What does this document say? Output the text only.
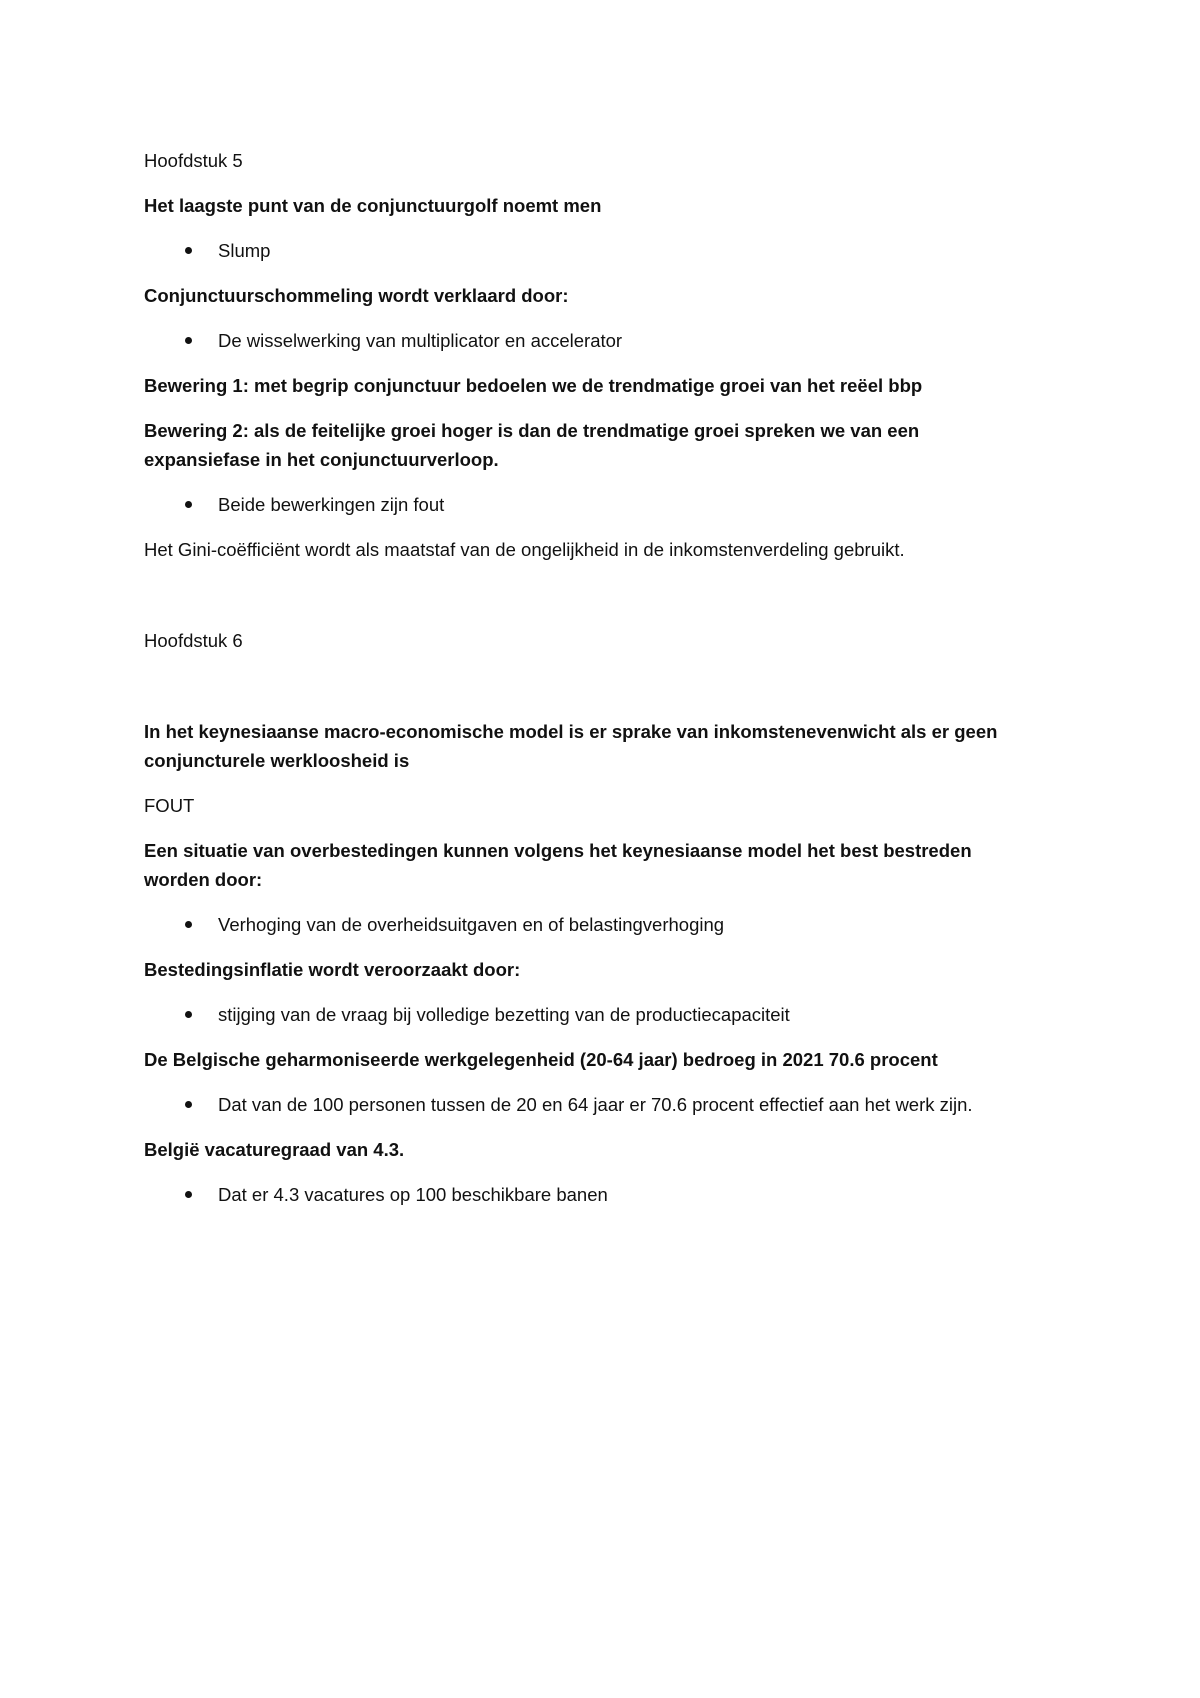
Hoofdstuk 5

Het laagste punt van de conjunctuurgolf noemt men

Slump

Conjunctuurschommeling wordt verklaard door:

De wisselwerking van multiplicator en accelerator

Bewering 1: met begrip conjunctuur bedoelen we de trendmatige groei van het reëel bbp

Bewering 2: als de feitelijke groei hoger is dan de trendmatige groei spreken we van een

expansiefase in het conjunctuurverloop.

Beide bewerkingen zijn fout

Het Gini-coëfficiënt wordt als maatstaf van de ongelijkheid in de inkomstenverdeling gebruikt.

Hoofdstuk 6

In het keynesiaanse macro-economische model is er sprake van inkomstenevenwicht als er geen

conjuncturele werkloosheid is

FOUT

Een situatie van overbestedingen kunnen volgens het keynesiaanse model het best bestreden

worden door:

Verhoging van de overheidsuitgaven en of belastingverhoging

Bestedingsinflatie wordt veroorzaakt door:

stijging van de vraag bij volledige bezetting van de productiecapaciteit

De Belgische geharmoniseerde werkgelegenheid (20-64 jaar) bedroeg in 2021 70.6 procent

Dat van de 100 personen tussen de 20 en 64 jaar er 70.6 procent effectief aan het werk zijn.

België vacaturegraad van 4.3.

Dat er 4.3 vacatures op 100 beschikbare banen
